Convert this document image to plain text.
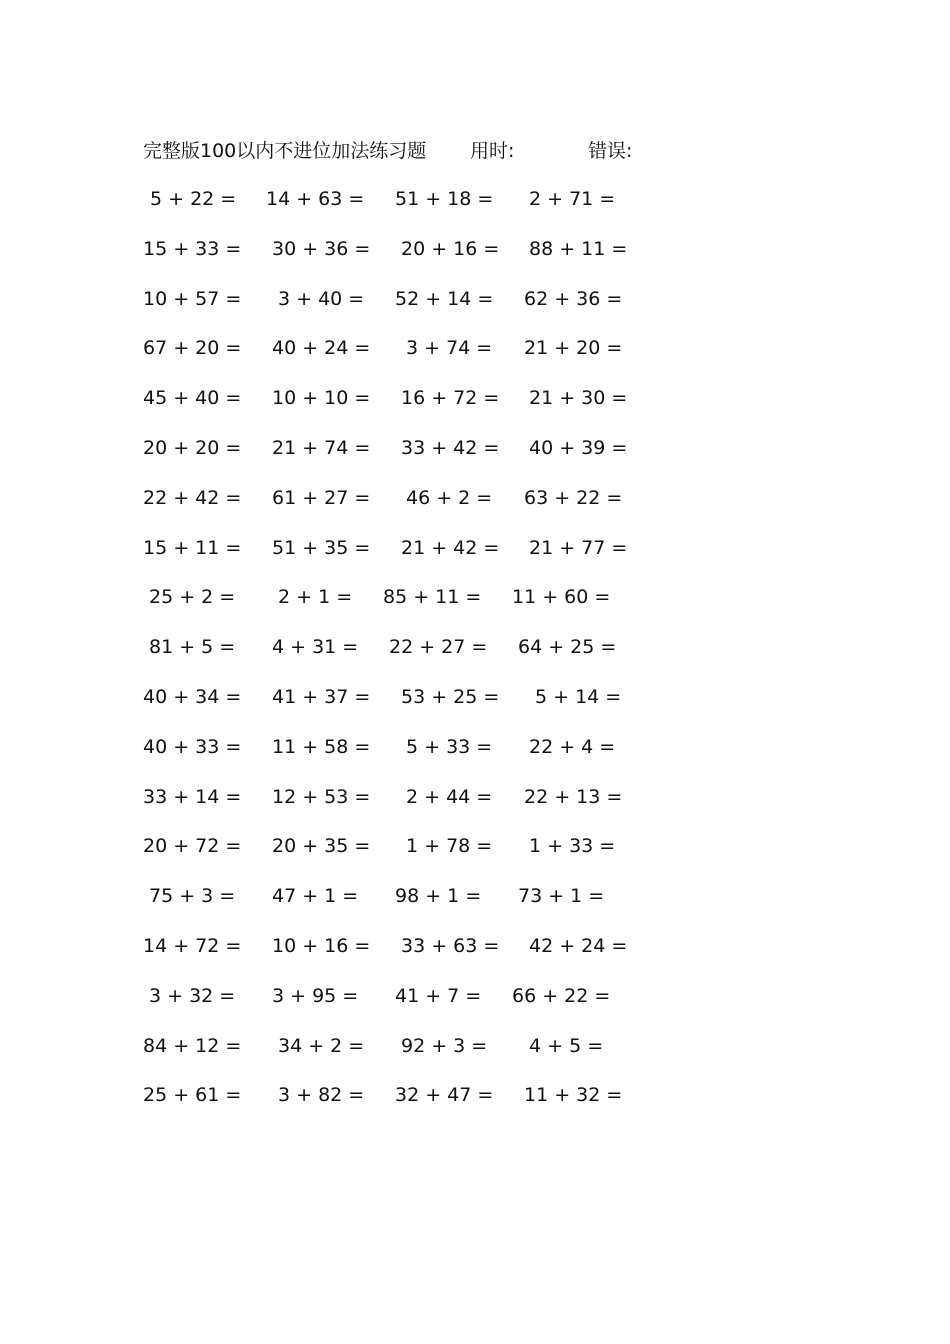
完整版100以内不进位加法练习题 用时:	错误:
5 + 22 = 14 + 63 = 51 + 18 = 2 + 71 =
15 + 33 = 30 + 36 = 20 + 16 = 88 + 11 =
10 + 57 = 3 + 40 = 52 + 14 = 62 + 36 =
67 + 20 = 40 + 24 = 3 + 74 = 21 + 20 =
45 + 40 = 10 + 10 = 16 + 72 = 21 + 30 =
20 + 20 = 21 + 74 = 33 + 42 = 40 + 39 =
22 + 42 = 61 + 27 = 46 + 2 = 63 + 22 =
15 + 11 = 51 + 35 = 21 + 42 = 21 + 77 =
25 + 2 = 2 + 1 = 85 + 11 = 11 + 60 =
81 + 5 = 4 + 31 = 22 + 27 = 64 + 25 =
40 + 34 = 41 + 37 = 53 + 25 = 5 + 14 =
40 + 33 = 11 + 58 = 5 + 33 = 22 + 4 =
33 + 14 = 12 + 53 = 2 + 44 = 22 + 13 =
20 + 72 = 20 + 35 = 1 + 78 = 1 + 33 =
75 + 3 = 47 + 1 = 98 + 1 = 73 + 1 =
14 + 72 = 10 + 16 = 33 + 63 = 42 + 24 =
3 + 32 = 3 + 95 = 41 + 7 = 66 + 22 =
84 + 12 = 34 + 2 = 92 + 3 = 4 + 5 =
25 + 61 = 3 + 82 = 32 + 47 = 11 + 32 =
